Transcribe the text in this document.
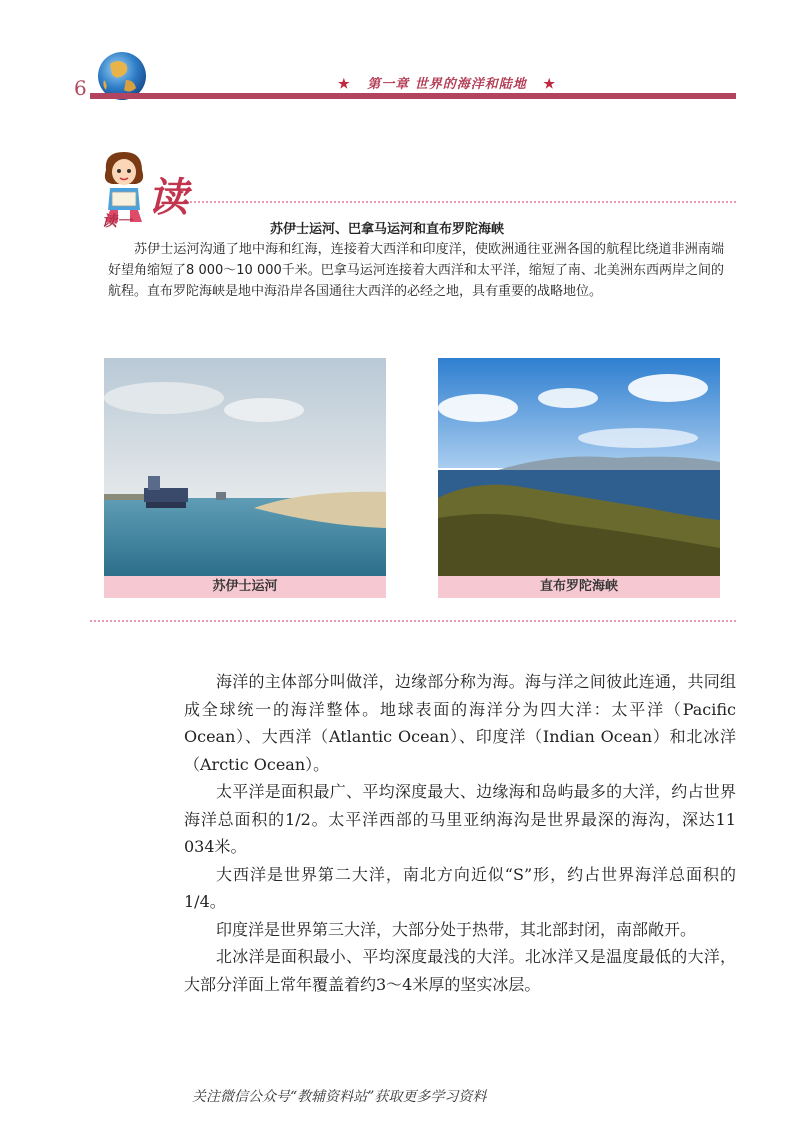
6	★ 第一章 世界的海洋和陆地 ★
读一 读
苏伊士运河、巴拿马运河和直布罗陀海峡

苏伊士运河沟通了地中海和红海，连接着大西洋和印度洋，使欧洲通往亚洲各国的航程比绕道非洲南端好望角缩短了8 000～10 000千米。巴拿马运河连接着大西洋和太平洋，缩短了南、北美洲东西两岸之间的航程。直布罗陀海峡是地中海沿岸各国通往大西洋的必经之地，具有重要的战略地位。

苏伊士运河	直布罗陀海峡

海洋的主体部分叫做洋，边缘部分称为海。海与洋之间彼此连通，共同组成全球统一的海洋整体。地球表面的海洋分为四大洋：太平洋（Pacific Ocean）、大西洋（Atlantic Ocean）、印度洋（Indian Ocean）和北冰洋（Arctic Ocean）。

太平洋是面积最广、平均深度最大、边缘海和岛屿最多的大洋，约占世界海洋总面积的1/2。太平洋西部的马里亚纳海沟是世界最深的海沟，深达11 034米。

大西洋是世界第二大洋，南北方向近似“S”形，约占世界海洋总面积的1/4。

印度洋是世界第三大洋，大部分处于热带，其北部封闭，南部敞开。

北冰洋是面积最小、平均深度最浅的大洋。北冰洋又是温度最低的大洋，大部分洋面上常年覆盖着约3～4米厚的坚实冰层。

关注微信公众号“教辅资料站”获取更多学习资料
